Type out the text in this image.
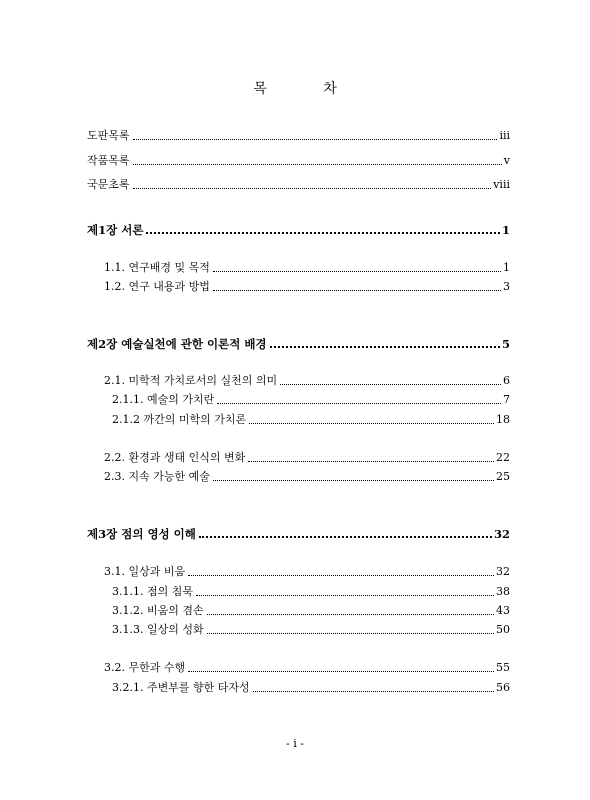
목 차
도판목록	iii
작품목록	v
국문초록	viii
제1장 서론	1
1.1. 연구배경 및 목적	1
1.2. 연구 내용과 방법	3
제2장 예술실천에 관한 이론적 배경	5
2.1. 미학적 가치로서의 실천의 의미	6
2.1.1. 예술의 가치란	7
2.1.2 까간의 미학의 가치론	18
2.2. 환경과 생태 인식의 변화	22
2.3. 지속 가능한 예술	25
제3장 점의 영성 이해	32
3.1. 일상과 비움	32
3.1.1. 점의 침묵	38
3.1.2. 비움의 겸손	43
3.1.3. 일상의 성화	50
3.2. 무한과 수행	55
3.2.1. 주변부를 향한 타자성	56
- i -
